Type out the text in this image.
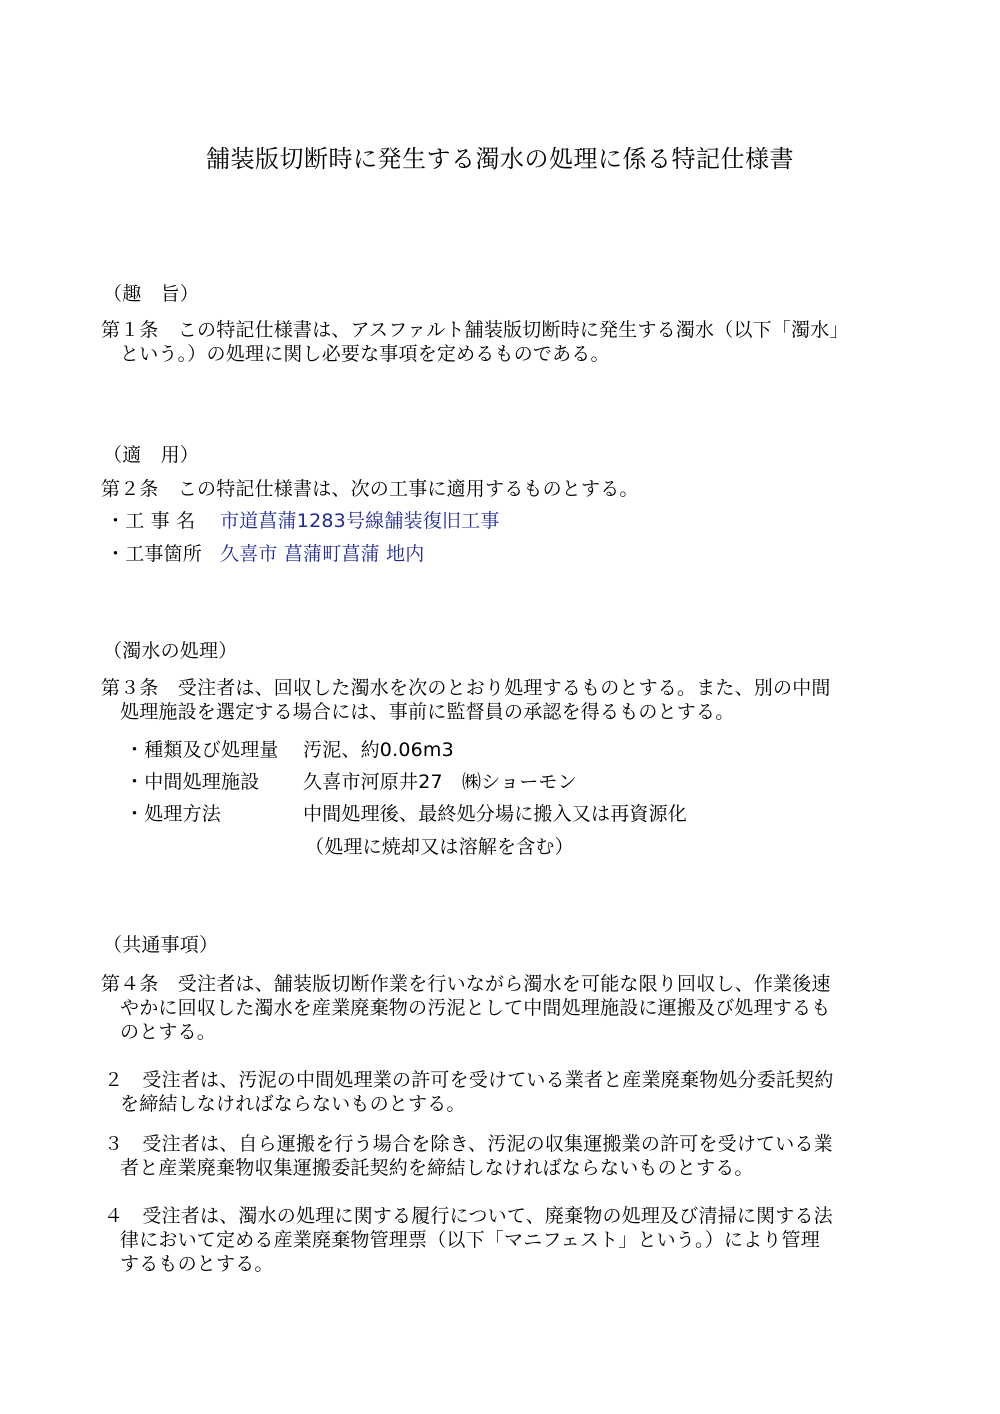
舗装版切断時に発生する濁水の処理に係る特記仕様書
（趣　旨）
第１条　この特記仕様書は、アスファルト舗装版切断時に発生する濁水（以下「濁水」
という。）の処理に関し必要な事項を定めるものである。
（適　用）
第２条　この特記仕様書は、次の工事に適用するものとする。
・工 事 名 市道菖蒲1283号線舗装復旧工事
・工事箇所 久喜市 菖蒲町菖蒲 地内
（濁水の処理）
第３条　受注者は、回収した濁水を次のとおり処理するものとする。また、別の中間
処理施設を選定する場合には、事前に監督員の承認を得るものとする。
・種類及び処理量 汚泥、約0.06m3
・中間処理施設 久喜市河原井27　㈱ショーモン
・処理方法	中間処理後、最終処分場に搬入又は再資源化
（処理に焼却又は溶解を含む）
（共通事項）
第４条　受注者は、舗装版切断作業を行いながら濁水を可能な限り回収し、作業後速
やかに回収した濁水を産業廃棄物の汚泥として中間処理施設に運搬及び処理するも
のとする。
２　受注者は、汚泥の中間処理業の許可を受けている業者と産業廃棄物処分委託契約
を締結しなければならないものとする。
３　受注者は、自ら運搬を行う場合を除き、汚泥の収集運搬業の許可を受けている業
者と産業廃棄物収集運搬委託契約を締結しなければならないものとする。
４　受注者は、濁水の処理に関する履行について、廃棄物の処理及び清掃に関する法
律において定める産業廃棄物管理票（以下「マニフェスト」という。）により管理
するものとする。
